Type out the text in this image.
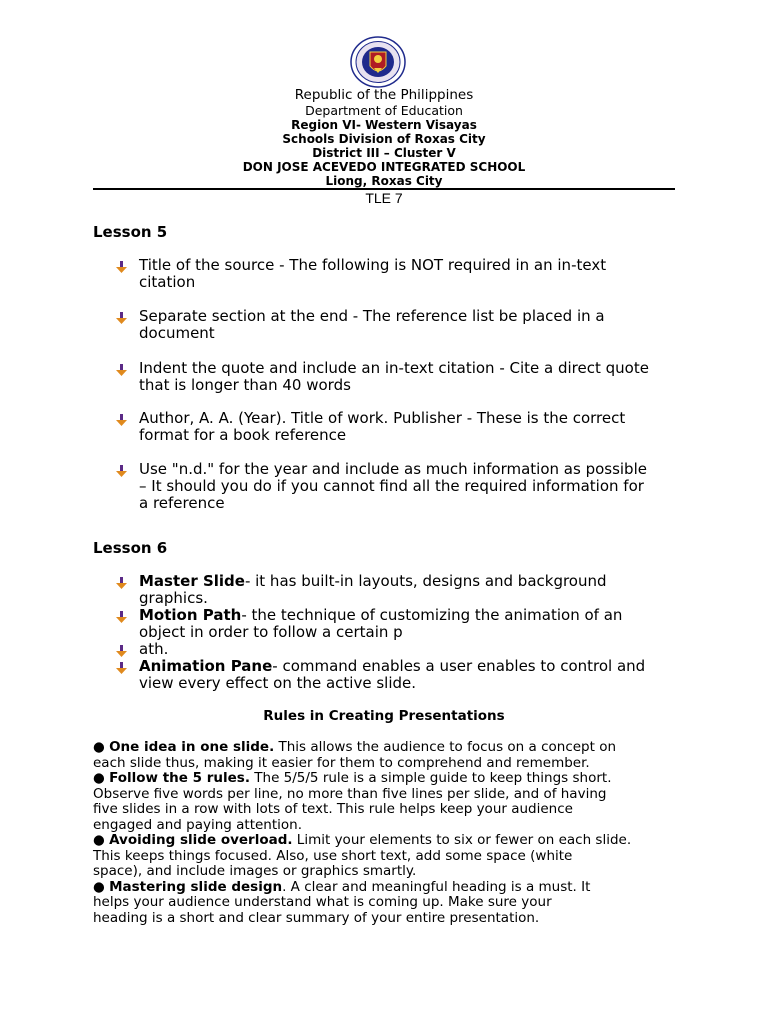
Republic of the Philippines
Department of Education
Region VI- Western Visayas
Schools Division of Roxas City
District III – Cluster V
DON JOSE ACEVEDO INTEGRATED SCHOOL
Liong, Roxas City
TLE 7
Lesson 5
Title of the source - The following is NOT required in an in-text
citation
Separate section at the end - The reference list be placed in a
document
Indent the quote and include an in-text citation - Cite a direct quote
that is longer than 40 words
Author, A. A. (Year). Title of work. Publisher - These is the correct
format for a book reference
Use "n.d." for the year and include as much information as possible
– It should you do if you cannot find all the required information for
a reference
Lesson 6
Master Slide- it has built-in layouts, designs and background
graphics.
Motion Path- the technique of customizing the animation of an
object in order to follow a certain p
ath.
Animation Pane- command enables a user enables to control and
view every effect on the active slide.
Rules in Creating Presentations

● One idea in one slide. This allows the audience to focus on a concept on

each slide thus, making it easier for them to comprehend and remember.

● Follow the 5 rules. The 5/5/5 rule is a simple guide to keep things short.

Observe five words per line, no more than five lines per slide, and of having

five slides in a row with lots of text. This rule helps keep your audience

engaged and paying attention.

● Avoiding slide overload. Limit your elements to six or fewer on each slide.

This keeps things focused. Also, use short text, add some space (white

space), and include images or graphics smartly.

● Mastering slide design. A clear and meaningful heading is a must. It

helps your audience understand what is coming up. Make sure your

heading is a short and clear summary of your entire presentation.
